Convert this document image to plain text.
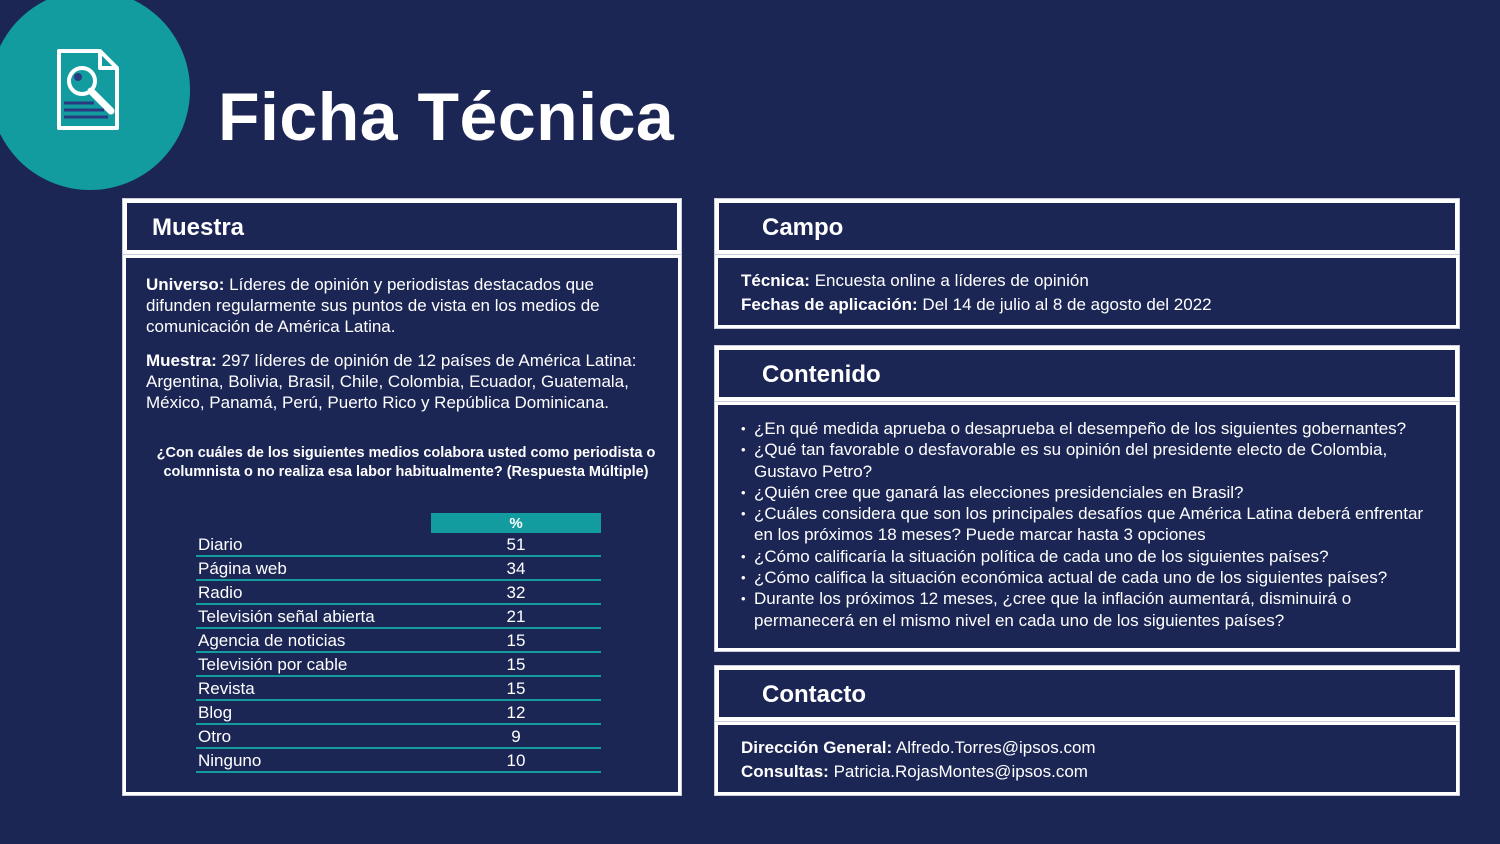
Ficha Técnica
Muestra
Universo: Líderes de opinión y periodistas destacados que difunden regularmente sus puntos de vista en los medios de comunicación de América Latina.
Muestra: 297 líderes de opinión de 12 países de América Latina: Argentina, Bolivia, Brasil, Chile, Colombia, Ecuador, Guatemala, México, Panamá, Perú, Puerto Rico y República Dominicana.
¿Con cuáles de los siguientes medios colabora usted como periodista o columnista o no realiza esa labor habitualmente? (Respuesta Múltiple)
%
Diario	51
Página web	34
Radio	32
Televisión señal abierta	21
Agencia de noticias	15
Televisión por cable	15
Revista	15
Blog	12
Otro	9
Ninguno	10
Campo
Técnica: Encuesta online a líderes de opinión
Fechas de aplicación: Del 14 de julio al 8 de agosto del 2022
Contenido
• ¿En qué medida aprueba o desaprueba el desempeño de los siguientes gobernantes?
• ¿Qué tan favorable o desfavorable es su opinión del presidente electo de Colombia, Gustavo Petro?
• ¿Quién cree que ganará las elecciones presidenciales en Brasil?
• ¿Cuáles considera que son los principales desafíos que América Latina deberá enfrentar en los próximos 18 meses? Puede marcar hasta 3 opciones
• ¿Cómo calificaría la situación política de cada uno de los siguientes países?
• ¿Cómo califica la situación económica actual de cada uno de los siguientes países?
• Durante los próximos 12 meses, ¿cree que la inflación aumentará, disminuirá o permanecerá en el mismo nivel en cada uno de los siguientes países?
Contacto
Dirección General: Alfredo.Torres@ipsos.com
Consultas: Patricia.RojasMontes@ipsos.com
